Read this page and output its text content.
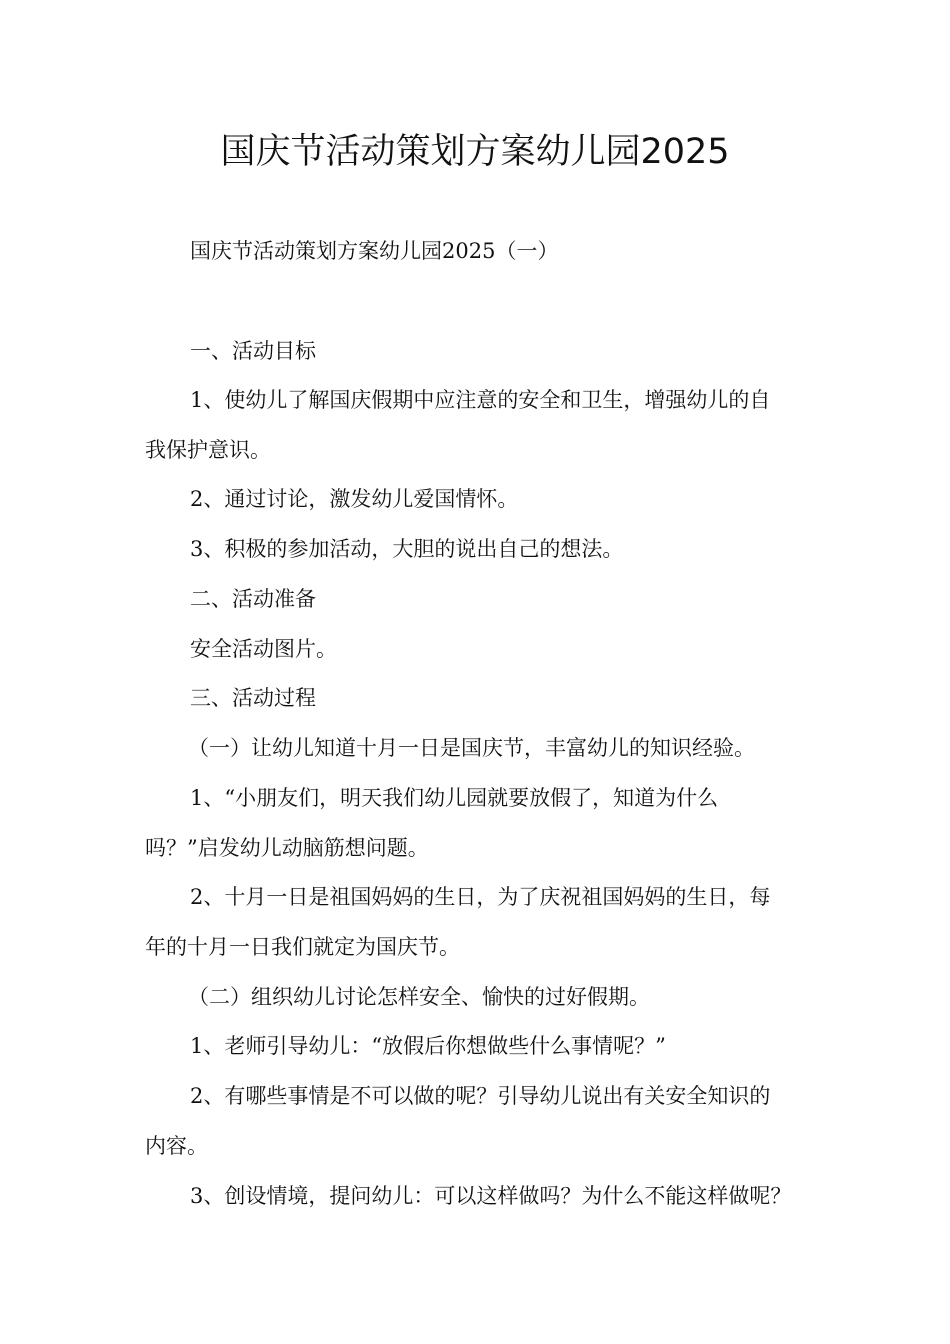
国庆节活动策划方案幼儿园2025
国庆节活动策划方案幼儿园2025（一）
一、活动目标
1、使幼儿了解国庆假期中应注意的安全和卫生，增强幼儿的自
我保护意识。
2、通过讨论，激发幼儿爱国情怀。
3、积极的参加活动，大胆的说出自己的想法。
二、活动准备
安全活动图片。
三、活动过程
（一）让幼儿知道十月一日是国庆节，丰富幼儿的知识经验。
1、“小朋友们，明天我们幼儿园就要放假了，知道为什么
吗？”启发幼儿动脑筋想问题。
2、十月一日是祖国妈妈的生日，为了庆祝祖国妈妈的生日，每
年的十月一日我们就定为国庆节。
（二）组织幼儿讨论怎样安全、愉快的过好假期。
1、老师引导幼儿：“放假后你想做些什么事情呢？”
2、有哪些事情是不可以做的呢？引导幼儿说出有关安全知识的
内容。
3、创设情境，提问幼儿：可以这样做吗？为什么不能这样做呢？
